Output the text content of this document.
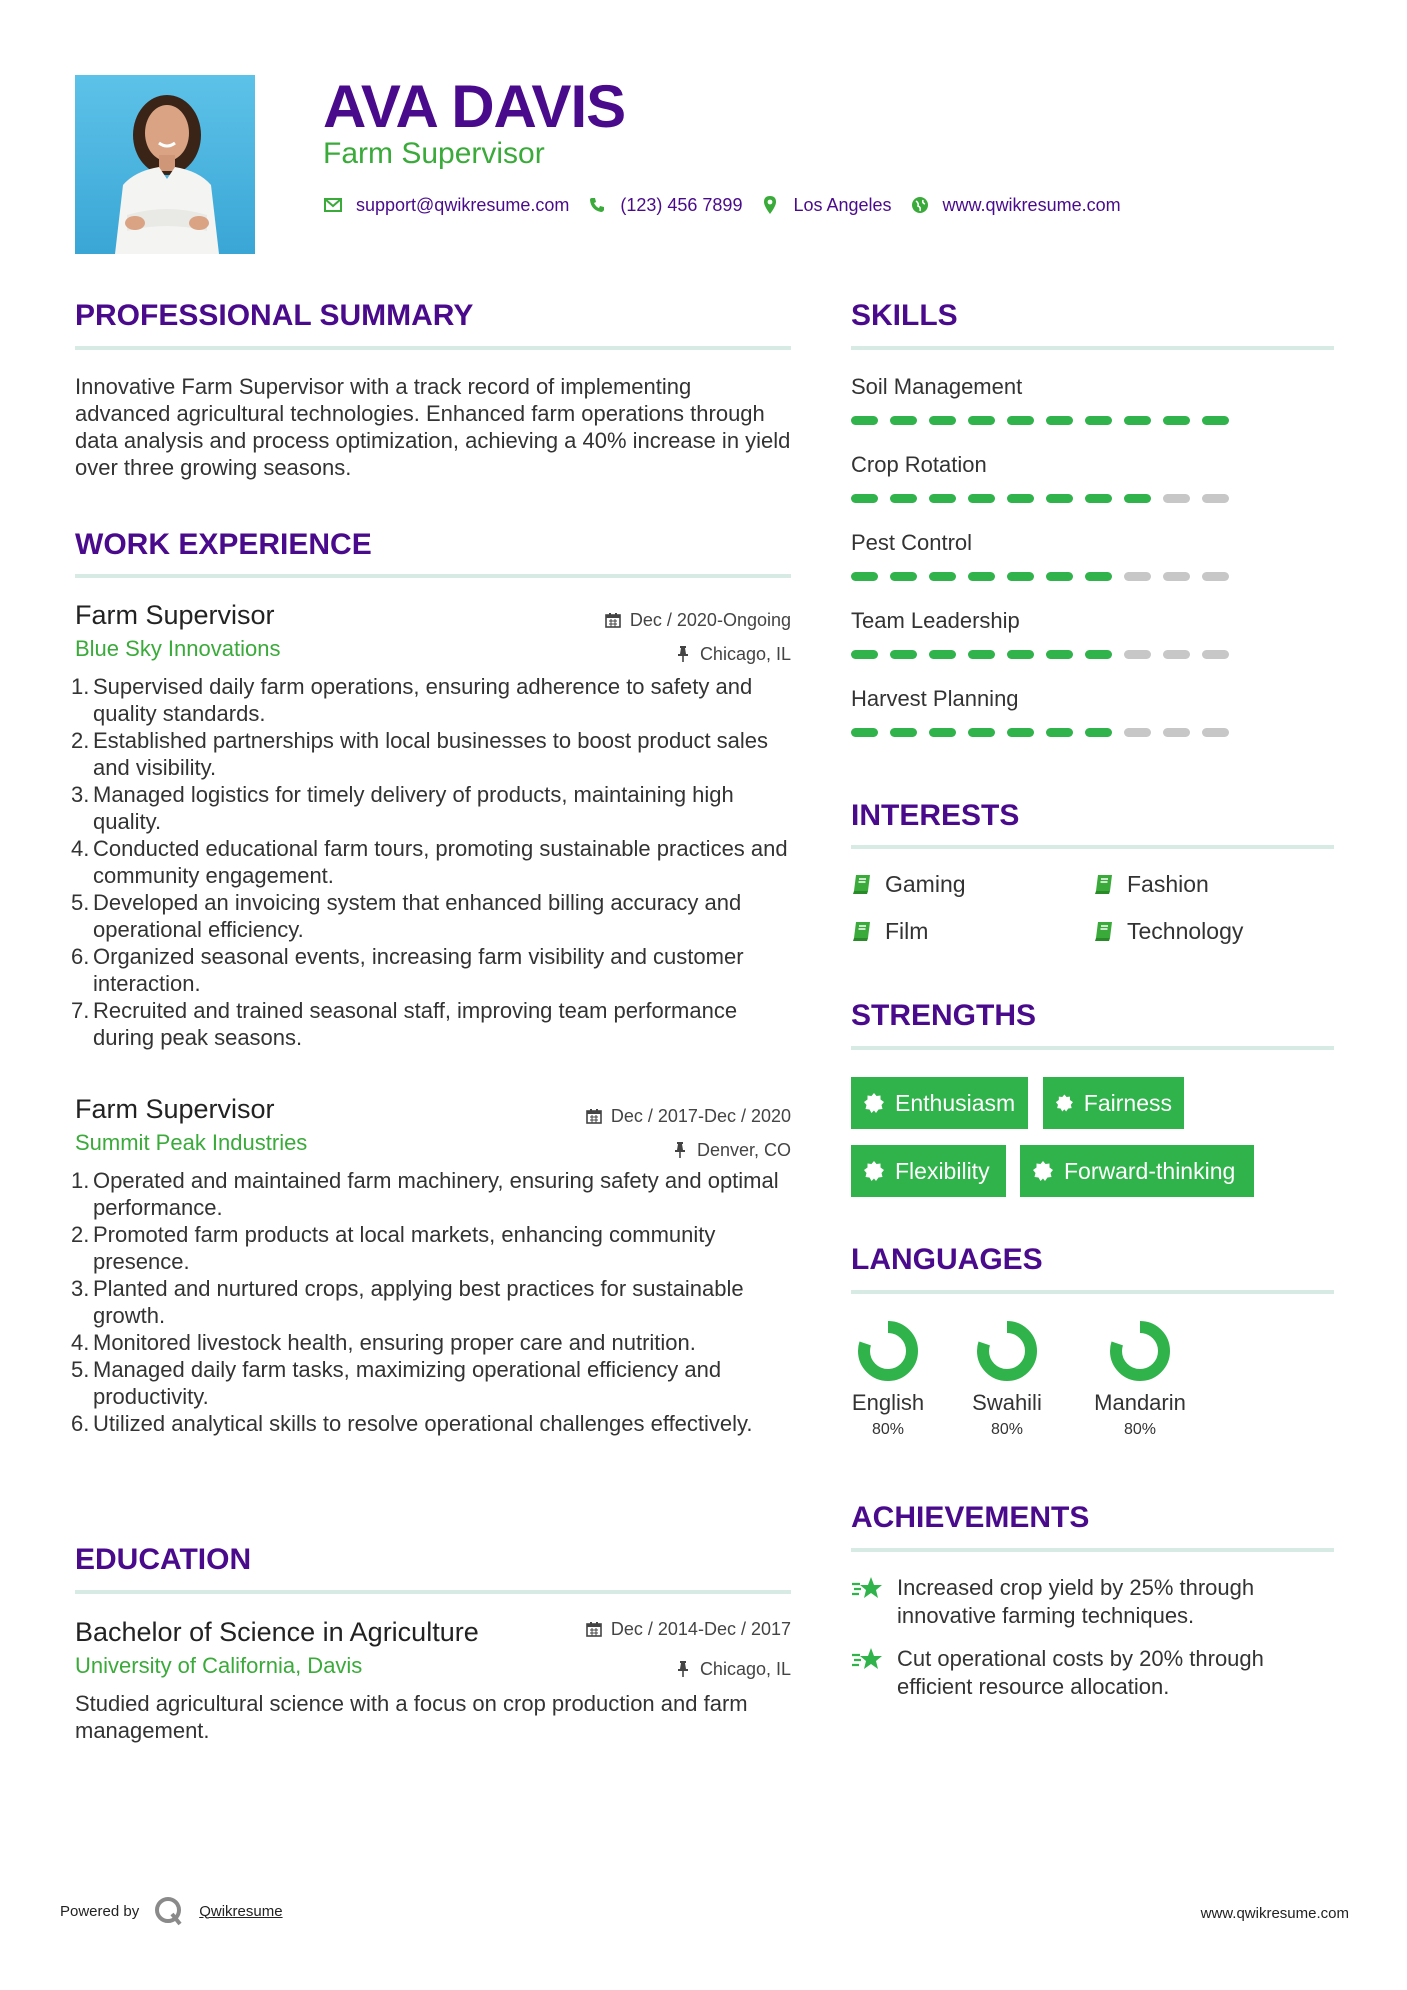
AVA DAVIS
Farm Supervisor
support@qwikresume.com	(123) 456 7899	Los Angeles	www.qwikresume.com
PROFESSIONAL SUMMARY
Innovative Farm Supervisor with a track record of implementing advanced agricultural technologies. Enhanced farm operations through data analysis and process optimization, achieving a 40% increase in yield over three growing seasons.
WORK EXPERIENCE
Farm Supervisor
Blue Sky Innovations
Dec / 2020-Ongoing
Chicago, IL
1. Supervised daily farm operations, ensuring adherence to safety and quality standards.
2. Established partnerships with local businesses to boost product sales and visibility.
3. Managed logistics for timely delivery of products, maintaining high quality.
4. Conducted educational farm tours, promoting sustainable practices and community engagement.
5. Developed an invoicing system that enhanced billing accuracy and operational efficiency.
6. Organized seasonal events, increasing farm visibility and customer interaction.
7. Recruited and trained seasonal staff, improving team performance during peak seasons.
Farm Supervisor
Summit Peak Industries
Dec / 2017-Dec / 2020
Denver, CO
1. Operated and maintained farm machinery, ensuring safety and optimal performance.
2. Promoted farm products at local markets, enhancing community presence.
3. Planted and nurtured crops, applying best practices for sustainable growth.
4. Monitored livestock health, ensuring proper care and nutrition.
5. Managed daily farm tasks, maximizing operational efficiency and productivity.
6. Utilized analytical skills to resolve operational challenges effectively.
EDUCATION
Bachelor of Science in Agriculture
University of California, Davis
Dec / 2014-Dec / 2017
Chicago, IL
Studied agricultural science with a focus on crop production and farm management.
SKILLS
Soil Management
Crop Rotation
Pest Control
Team Leadership
Harvest Planning
INTERESTS
Gaming	Fashion
Film	Technology
STRENGTHS
Enthusiasm	Fairness
Flexibility	Forward-thinking
LANGUAGES
English
80%
Swahili
80%
Mandarin
80%
ACHIEVEMENTS
Increased crop yield by 25% through innovative farming techniques.
Cut operational costs by 20% through efficient resource allocation.
Powered by	Qwikresume	www.qwikresume.com
